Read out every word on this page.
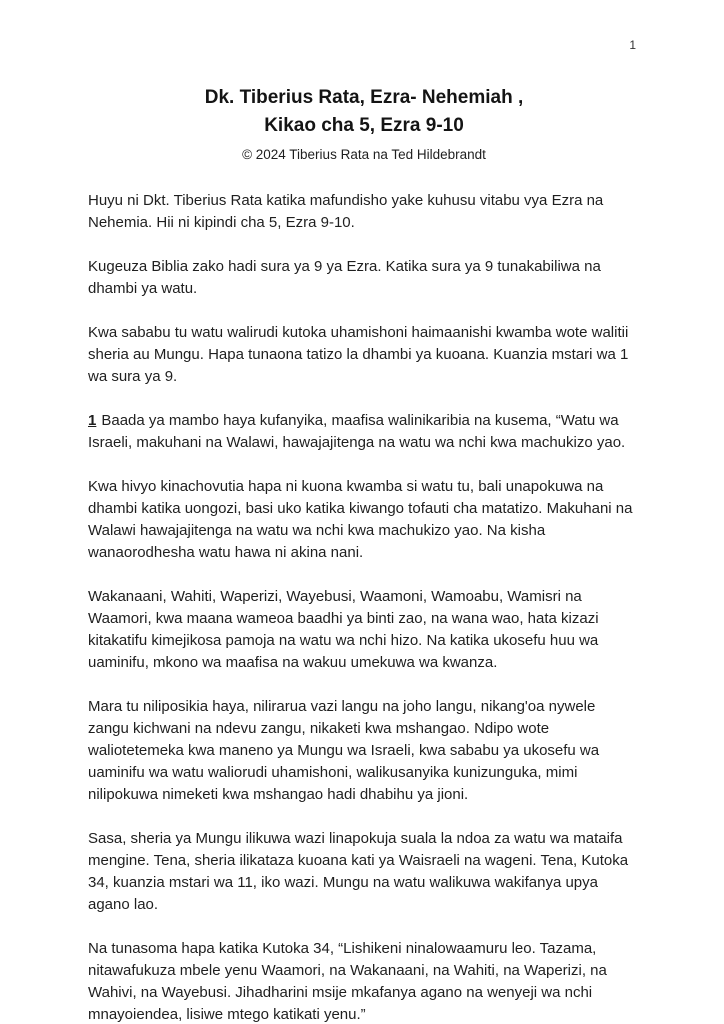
1
Dk. Tiberius Rata, Ezra- Nehemiah ,
Kikao cha 5, Ezra 9-10
© 2024 Tiberius Rata na Ted Hildebrandt

Huyu ni Dkt. Tiberius Rata katika mafundisho yake kuhusu vitabu vya Ezra na Nehemia. Hii ni kipindi cha 5, Ezra 9-10.

Kugeuza Biblia zako hadi sura ya 9 ya Ezra. Katika sura ya 9 tunakabiliwa na dhambi ya watu.

Kwa sababu tu watu walirudi kutoka uhamishoni haimaanishi kwamba wote walitii sheria au Mungu. Hapa tunaona tatizo la dhambi ya kuoana. Kuanzia mstari wa 1 wa sura ya 9.

1 Baada ya mambo haya kufanyika, maafisa walinikaribia na kusema, “Watu wa Israeli, makuhani na Walawi, hawajajitenga na watu wa nchi kwa machukizo yao.

Kwa hivyo kinachovutia hapa ni kuona kwamba si watu tu, bali unapokuwa na dhambi katika uongozi, basi uko katika kiwango tofauti cha matatizo. Makuhani na Walawi hawajajitenga na watu wa nchi kwa machukizo yao. Na kisha wanaorodhesha watu hawa ni akina nani.

Wakanaani, Wahiti, Waperizi, Wayebusi, Waamoni, Wamoabu, Wamisri na Waamori, kwa maana wameoa baadhi ya binti zao, na wana wao, hata kizazi kitakatifu kimejikosa pamoja na watu wa nchi hizo. Na katika ukosefu huu wa uaminifu, mkono wa maafisa na wakuu umekuwa wa kwanza.

Mara tu niliposikia haya, nilirarua vazi langu na joho langu, nikang'oa nywele zangu kichwani na ndevu zangu, nikaketi kwa mshangao. Ndipo wote waliotetemeka kwa maneno ya Mungu wa Israeli, kwa sababu ya ukosefu wa uaminifu wa watu waliorudi uhamishoni, walikusanyika kunizunguka, mimi nilipokuwa nimeketi kwa mshangao hadi dhabihu ya jioni.

Sasa, sheria ya Mungu ilikuwa wazi linapokuja suala la ndoa za watu wa mataifa mengine. Tena, sheria ilikataza kuoana kati ya Waisraeli na wageni. Tena, Kutoka 34, kuanzia mstari wa 11, iko wazi. Mungu na watu walikuwa wakifanya upya agano lao.

Na tunasoma hapa katika Kutoka 34, “Lishikeni ninalowaamuru leo. Tazama, nitawafukuza mbele yenu Waamori, na Wakanaani, na Wahiti, na Waperizi, na Wahivi, na Wayebusi. Jihadharini msije mkafanya agano na wenyeji wa nchi mnayoiendea, lisiwe mtego katikati yenu.”
